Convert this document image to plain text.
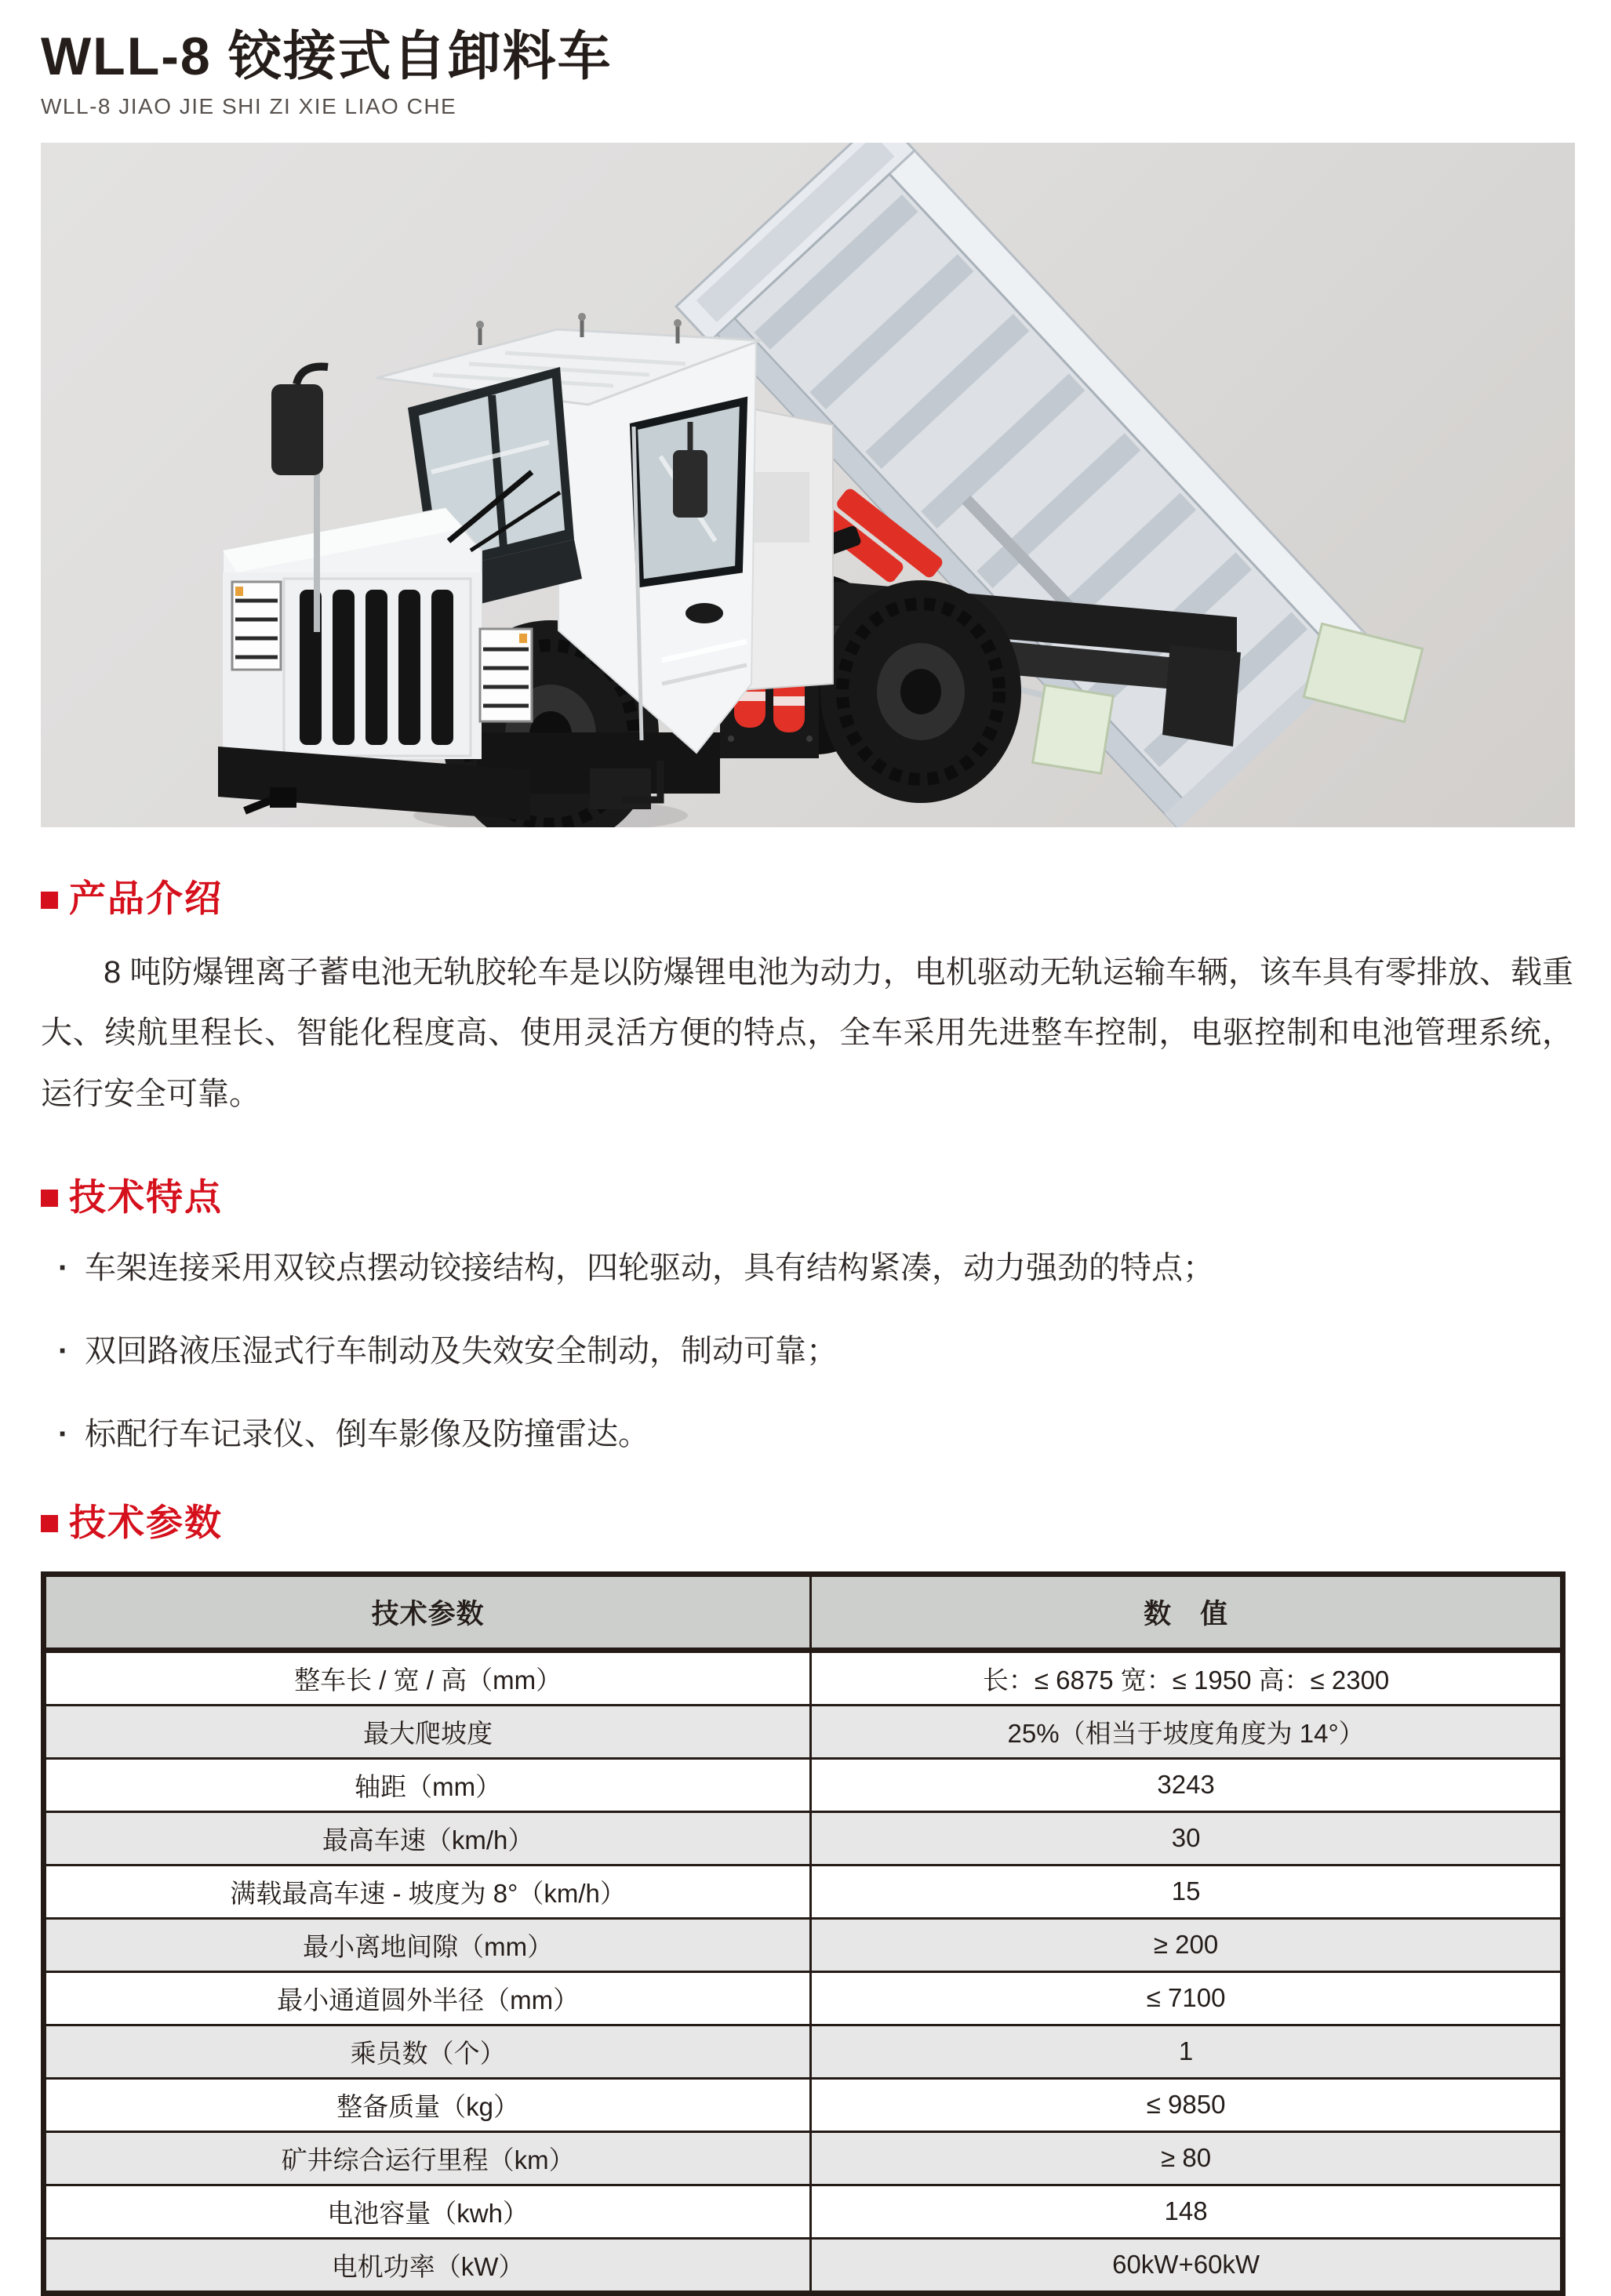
WLL-8 铰接式自卸料车
WLL-8 JIAO JIE SHI ZI XIE LIAO CHE
产品介绍

8 吨防爆锂离子蓄电池无轨胶轮车是以防爆锂电池为动力，电机驱动无轨运输车辆，该车具有零排放、载重大、续航里程长、智能化程度高、使用灵活方便的特点，全车采用先进整车控制，电驱控制和电池管理系统，运行安全可靠。

技术特点
· 车架连接采用双铰点摆动铰接结构，四轮驱动，具有结构紧凑，动力强劲的特点；
· 双回路液压湿式行车制动及失效安全制动，制动可靠；
· 标配行车记录仪、倒车影像及防撞雷达。
技术参数
技术参数	数　值
整车长 / 宽 / 高（mm）	长：≤ 6875 宽：≤ 1950 高：≤ 2300
最大爬坡度	25%（相当于坡度角度为 14°）
轴距（mm）	3243
最高车速（km/h）	30
满载最高车速 - 坡度为 8°（km/h）	15
最小离地间隙（mm）	≥ 200
最小通道圆外半径（mm）	≤ 7100
乘员数（个）	1
整备质量（kg）	≤ 9850
矿井综合运行里程（km）	≥ 80
电池容量（kwh）	148
电机功率（kW）	60kW+60kW
